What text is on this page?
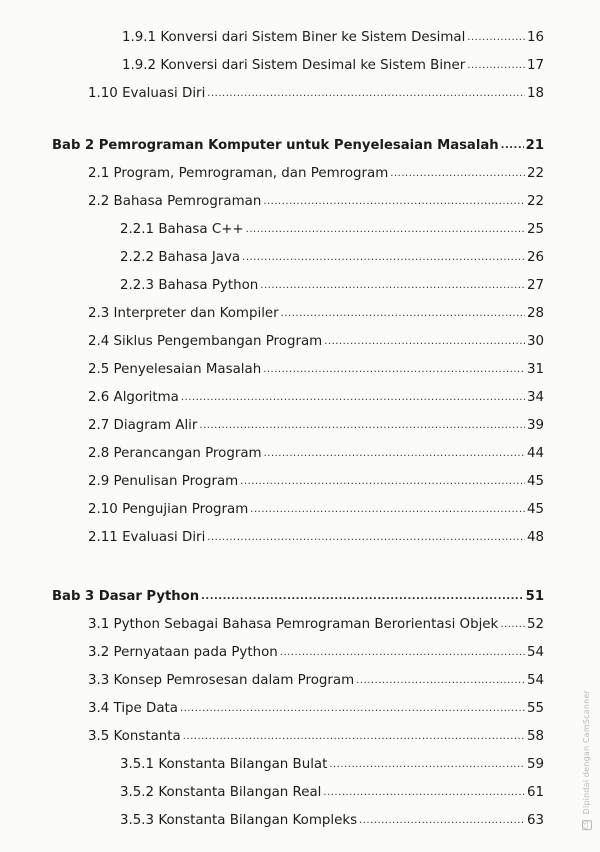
1.9.1 Konversi dari Sistem Biner ke Sistem Desimal .....	16
1.9.2 Konversi dari Sistem Desimal ke Sistem Biner .....	17
1.10 Evaluasi Diri .....	18
Bab 2 Pemrograman Komputer untuk Penyelesaian Masalah ..... 21
2.1 Program, Pemrograman, dan Pemrogram .....	22
2.2 Bahasa Pemrograman .....	22
2.2.1 Bahasa C++ .....	25
2.2.2 Bahasa Java .....	26
2.2.3 Bahasa Python .....	27
2.3 Interpreter dan Kompiler .....	28
2.4 Siklus Pengembangan Program .....	30
2.5 Penyelesaian Masalah .....	31
2.6 Algoritma .....	34
2.7 Diagram Alir .....	39
2.8 Perancangan Program .....	44
2.9 Penulisan Program .....	45
2.10 Pengujian Program .....	45
2.11 Evaluasi Diri .....	48
Bab 3 Dasar Python .....	51
3.1 Python Sebagai Bahasa Pemrograman Berorientasi Objek ..... 52
3.2 Pernyataan pada Python .....	54
3.3 Konsep Pemrosesan dalam Program .....	54
3.4 Tipe Data .....	55
3.5 Konstanta .....	58
3.5.1 Konstanta Bilangan Bulat .....	59
3.5.2 Konstanta Bilangan Real .....	61
3.5.3 Konstanta Bilangan Kompleks .....	63	CS Dipindai dengan CamScanner
